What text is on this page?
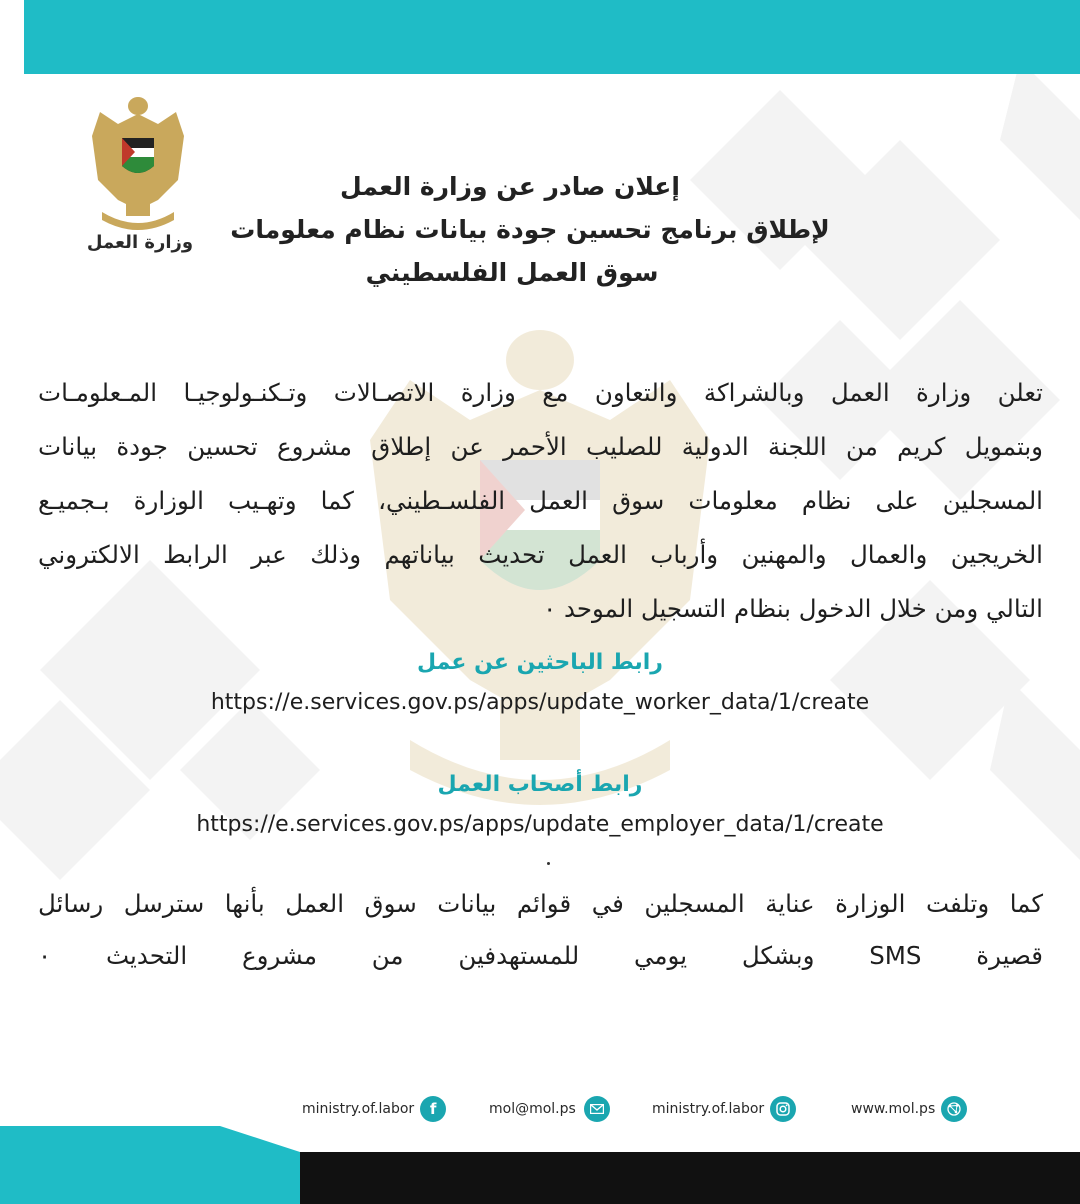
وزارة العمل
إعلان صادر عن وزارة العمل
لإطلاق برنامج تحسين جودة بيانات نظام معلومات
سوق العمل الفلسطيني
تعلن وزارة العمل وبالشراكة والتعاون مع وزارة الاتصـالات وتـكنـولوجيـا المـعلومـات
وبتمويل كريم من اللجنة الدولية للصليب الأحمر عن إطلاق مشروع تحسين جودة بيانات
المسجلين على نظام معلومات سوق العمل الفلسـطيني، كما وتهـيب الوزارة بـجميـع
الخريجين والعمال والمهنين وأرباب العمل تحديث بياناتهم وذلك عبر الرابط الالكتروني
التالي ومن خلال الدخول بنظام التسجيل الموحد ٠
رابط الباحثين عن عمل
https://e.services.gov.ps/apps/update_worker_data/1/create
رابط أصحاب العمل
https://e.services.gov.ps/apps/update_employer_data/1/create
كما وتلفت الوزارة عناية المسجلين في قوائم بيانات سوق العمل بأنها سترسل رسائل
قصيرة SMS وبشكل يومي للمستهدفين من مشروع التحديث ٠
ministry.of.labor	f	mol@mol.ps	ministry.of.labor	www.mol.ps
